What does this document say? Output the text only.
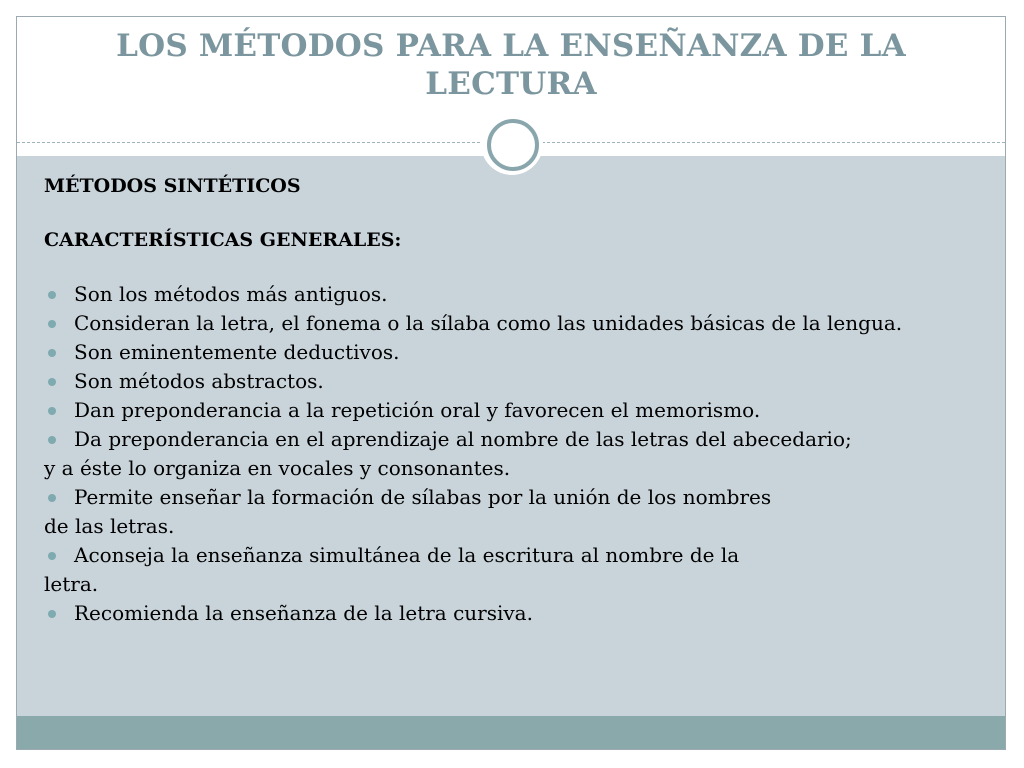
LOS MÉTODOS PARA LA ENSEÑANZA DE LA
LECTURA

MÉTODOS SINTÉTICOS

CARACTERÍSTICAS GENERALES:

Son los métodos más antiguos.
Consideran la letra, el fonema o la sílaba como las unidades básicas de la lengua.
Son eminentemente deductivos.
Son métodos abstractos.
Dan preponderancia a la repetición oral y favorecen el memorismo.
Da preponderancia en el aprendizaje al nombre de las letras del abecedario;
y a éste lo organiza en vocales y consonantes.
Permite enseñar la formación de sílabas por la unión de los nombres
de las letras.
Aconseja la enseñanza simultánea de la escritura al nombre de la
letra.
Recomienda la enseñanza de la letra cursiva.
